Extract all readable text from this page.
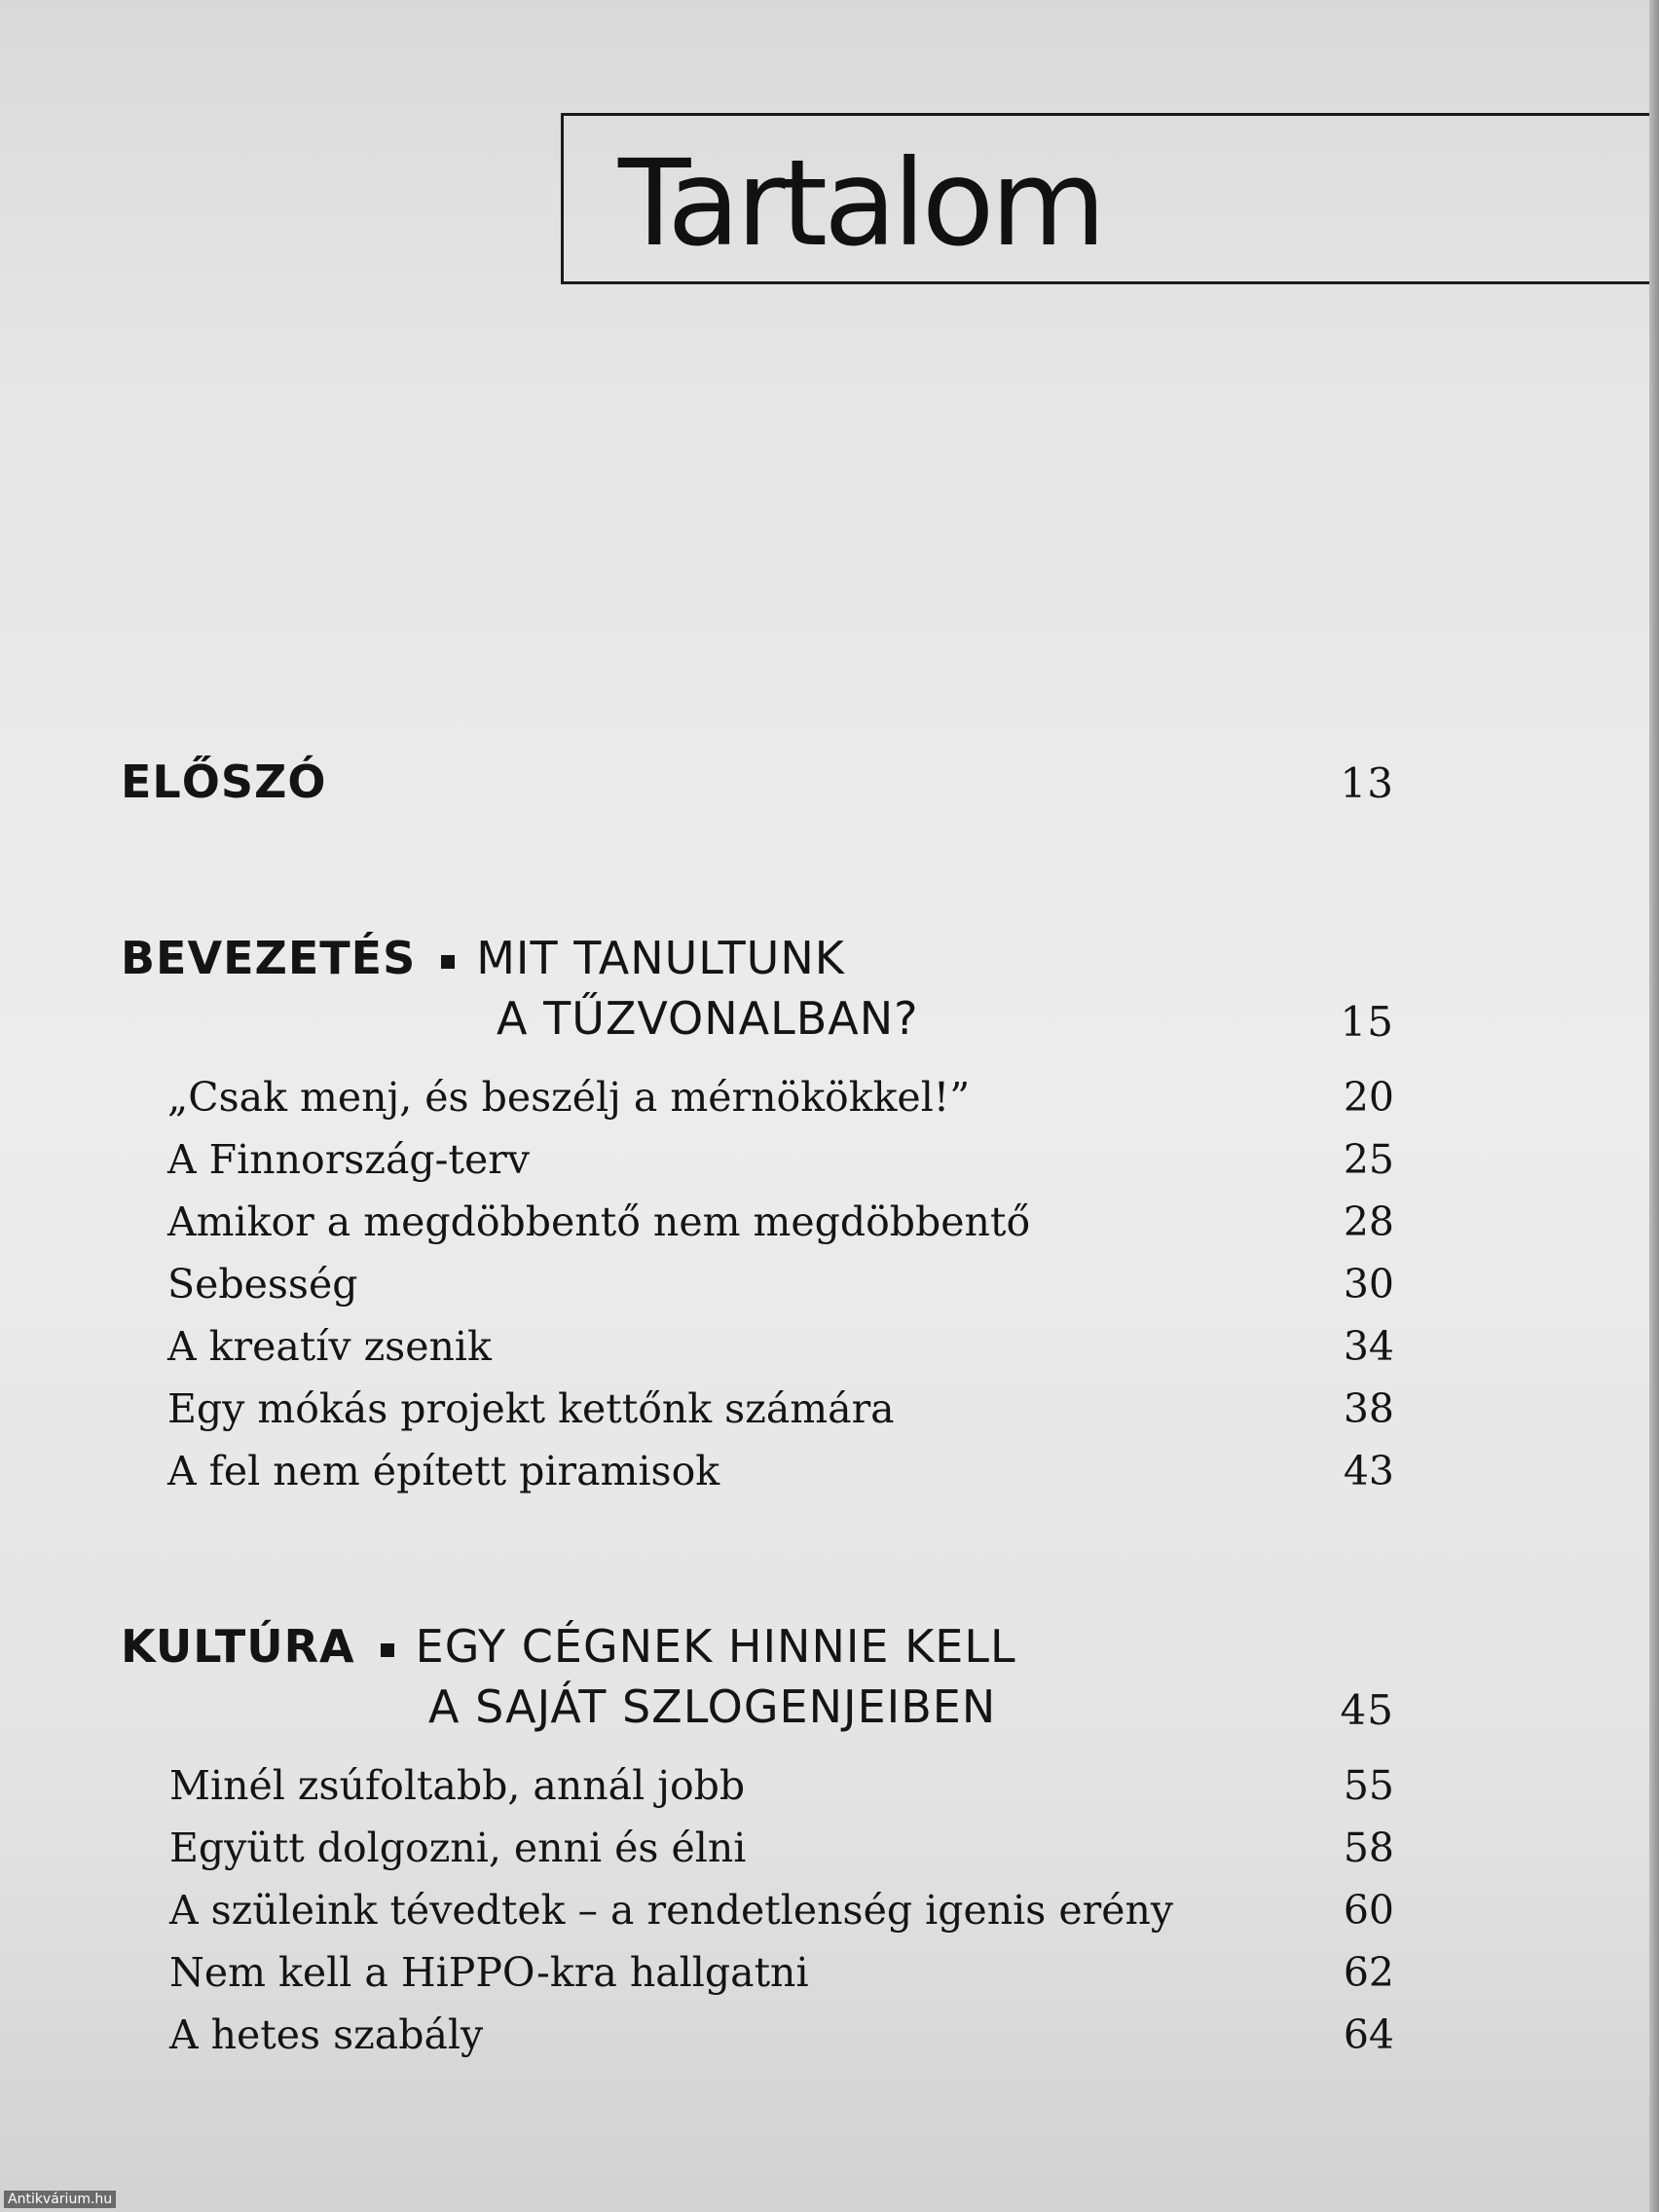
Tartalom
ELŐSZÓ	13
BEVEZETÉS MIT TANULTUNK
A TŰZVONALBAN?	15
„Csak menj, és beszélj a mérnökökkel!”	20
A Finnország-terv	25
Amikor a megdöbbentő nem megdöbbentő	28
Sebesség	30
A kreatív zsenik	34
Egy mókás projekt kettőnk számára	38
A fel nem épített piramisok	43
KULTÚRA EGY CÉGNEK HINNIE KELL
A SAJÁT SZLOGENJEIBEN	45
Minél zsúfoltabb, annál jobb	55
Együtt dolgozni, enni és élni	58
A szüleink tévedtek – a rendetlenség igenis erény	60
Nem kell a HiPPO-kra hallgatni	62
A hetes szabály	64
Antikvárium.hu
